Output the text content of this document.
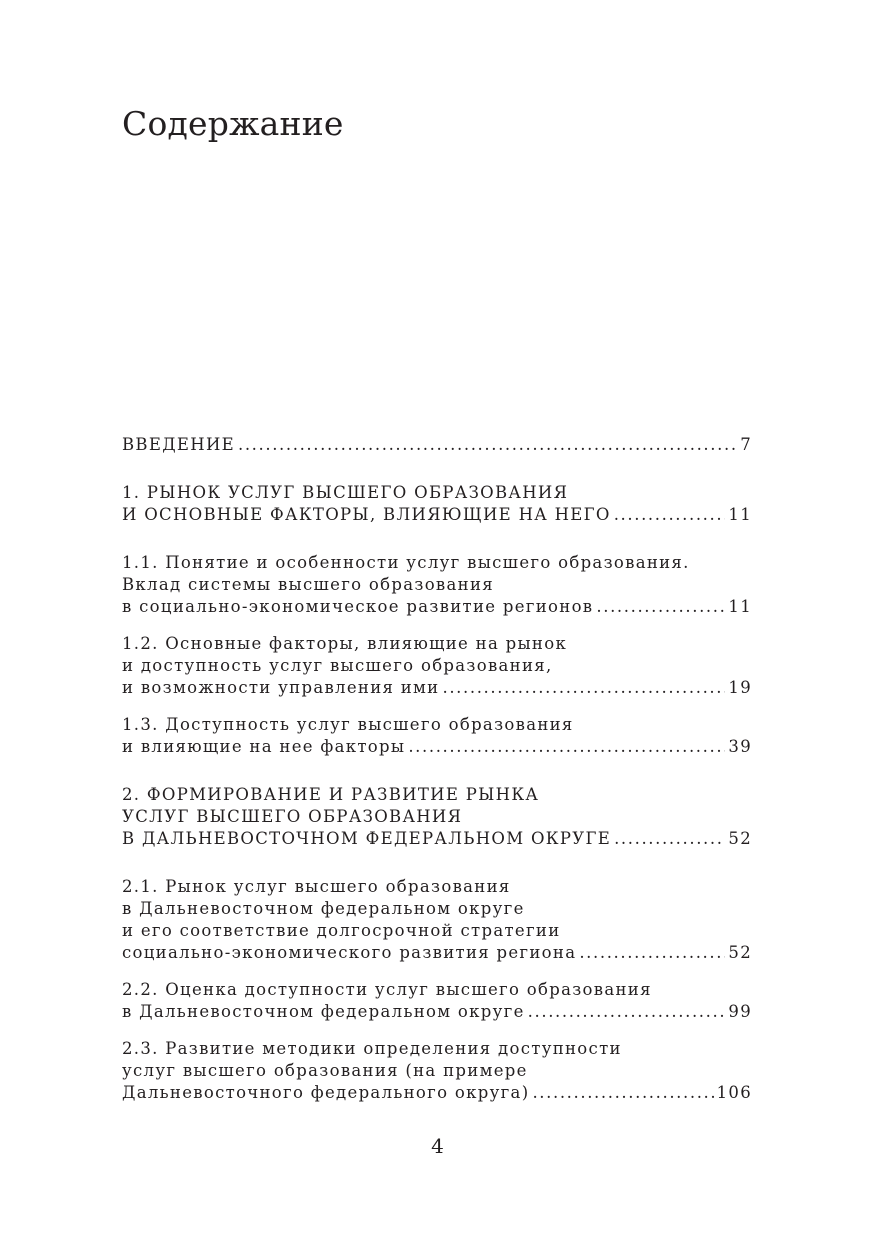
Содержание
ВВЕДЕНИЕ .....	7
1. РЫНОК УСЛУГ ВЫСШЕГО ОБРАЗОВАНИЯ
И ОСНОВНЫЕ ФАКТОРЫ, ВЛИЯЮЩИЕ НА НЕГО .....	11
1.1. Понятие и особенности услуг высшего образования.
Вклад системы высшего образования
в социально-экономическое развитие регионов .....	11
1.2. Основные факторы, влияющие на рынок
и доступность услуг высшего образования,
и возможности управления ими .....	19
1.3. Доступность услуг высшего образования
и влияющие на нее факторы .....	39
2. ФОРМИРОВАНИЕ И РАЗВИТИЕ РЫНКА
УСЛУГ ВЫСШЕГО ОБРАЗОВАНИЯ
В ДАЛЬНЕВОСТОЧНОМ ФЕДЕРАЛЬНОМ ОКРУГЕ .....	52
2.1. Рынок услуг высшего образования
в Дальневосточном федеральном округе
и его соответствие долгосрочной стратегии
социально-экономического развития региона .....	52
2.2. Оценка доступности услуг высшего образования
в Дальневосточном федеральном округе .....	99
2.3. Развитие методики определения доступности
услуг высшего образования (на примере
Дальневосточного федерального округа) .....	106
4
